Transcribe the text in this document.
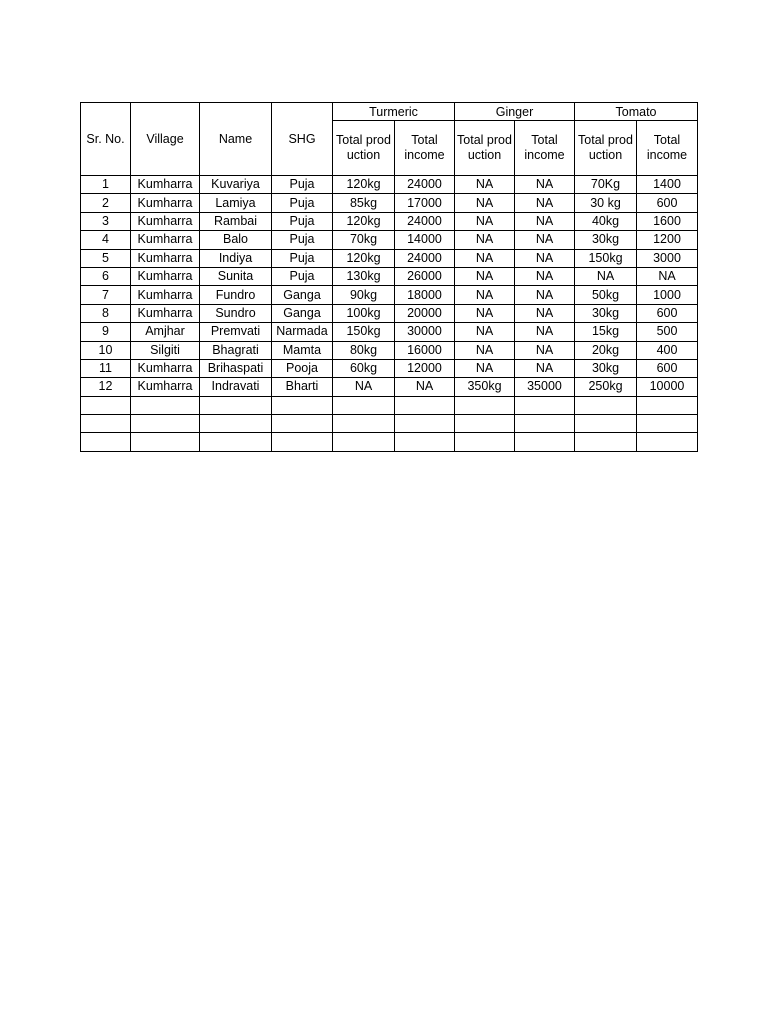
Sr. No.	Village	Name	SHG	Turmeric		Ginger		Tomato	
				Total production	Total income	Total production	Total income	Total production	Total income
1	Kumharra	Kuvariya	Puja	120kg	24000	NA	NA	70Kg	1400
2	Kumharra	Lamiya	Puja	85kg	17000	NA	NA	30 kg	600
3	Kumharra	Rambai	Puja	120kg	24000	NA	NA	40kg	1600
4	Kumharra	Balo	Puja	70kg	14000	NA	NA	30kg	1200
5	Kumharra	Indiya	Puja	120kg	24000	NA	NA	150kg	3000
6	Kumharra	Sunita	Puja	130kg	26000	NA	NA	NA	NA
7	Kumharra	Fundro	Ganga	90kg	18000	NA	NA	50kg	1000
8	Kumharra	Sundro	Ganga	100kg	20000	NA	NA	30kg	600
9	Amjhar	Premvati	Narmada	150kg	30000	NA	NA	15kg	500
10	Silgiti	Bhagrati	Mamta	80kg	16000	NA	NA	20kg	400
11	Kumharra	Brihaspati	Pooja	60kg	12000	NA	NA	30kg	600
12	Kumharra	Indravati	Bharti	NA	NA	350kg	35000	250kg	10000
